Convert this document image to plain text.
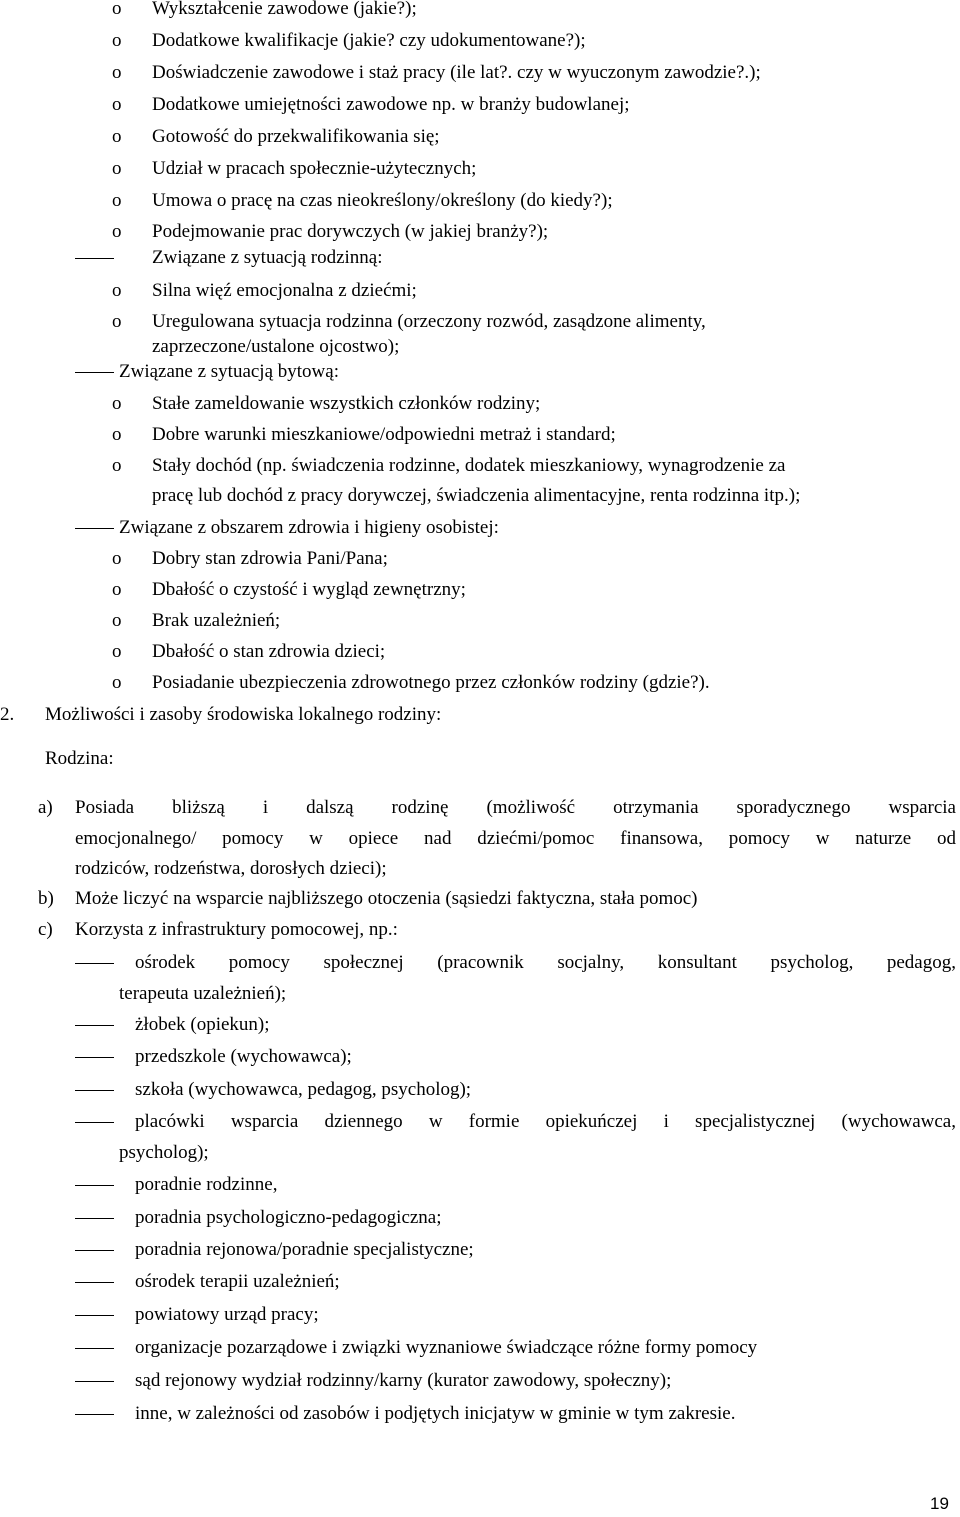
o Wykształcenie zawodowe (jakie?);
o Dodatkowe kwalifikacje (jakie? czy udokumentowane?);
o Doświadczenie zawodowe i staż pracy (ile lat?. czy w wyuczonym zawodzie?.);
o Dodatkowe umiejętności zawodowe np. w branży budowlanej;
o Gotowość do przekwalifikowania się;
o Udział w pracach społecznie-użytecznych;
o Umowa o pracę na czas nieokreślony/określony (do kiedy?);
o Podejmowanie prac dorywczych (w jakiej branży?);
Związane z sytuacją rodzinną:
o Silna więź emocjonalna z dziećmi;
o Uregulowana sytuacja rodzinna (orzeczony rozwód, zasądzone alimenty,
zaprzeczone/ustalone ojcostwo);
Związane z sytuacją bytową:
o Stałe zameldowanie wszystkich członków rodziny;
o Dobre warunki mieszkaniowe/odpowiedni metraż i standard;
o Stały dochód (np. świadczenia rodzinne, dodatek mieszkaniowy, wynagrodzenie za
pracę lub dochód z pracy dorywczej, świadczenia alimentacyjne, renta rodzinna itp.);
Związane z obszarem zdrowia i higieny osobistej:
o Dobry stan zdrowia Pani/Pana;
o Dbałość o czystość i wygląd zewnętrzny;
o Brak uzależnień;
o Dbałość o stan zdrowia dzieci;
o Posiadanie ubezpieczenia zdrowotnego przez członków rodziny (gdzie?).
2. Możliwości i zasoby środowiska lokalnego rodziny:
Rodzina:
a) Posiada bliższą i dalszą rodzinę (możliwość otrzymania sporadycznego wsparcia
emocjonalnego/ pomocy w opiece nad dziećmi/pomoc finansowa, pomocy w naturze od
rodziców, rodzeństwa, dorosłych dzieci);
b) Może liczyć na wsparcie najbliższego otoczenia (sąsiedzi faktyczna, stała pomoc)
c) Korzysta z infrastruktury pomocowej, np.:
ośrodek pomocy społecznej (pracownik socjalny, konsultant psycholog, pedagog,
terapeuta uzależnień);
żłobek (opiekun);
przedszkole (wychowawca);
szkoła (wychowawca, pedagog, psycholog);
placówki wsparcia dziennego w formie opiekuńczej i specjalistycznej (wychowawca,
psycholog);
poradnie rodzinne,
poradnia psychologiczno-pedagogiczna;
poradnia rejonowa/poradnie specjalistyczne;
ośrodek terapii uzależnień;
powiatowy urząd pracy;
organizacje pozarządowe i związki wyznaniowe świadczące różne formy pomocy
sąd rejonowy wydział rodzinny/karny (kurator zawodowy, społeczny);
inne, w zależności od zasobów i podjętych inicjatyw w gminie w tym zakresie.
19
